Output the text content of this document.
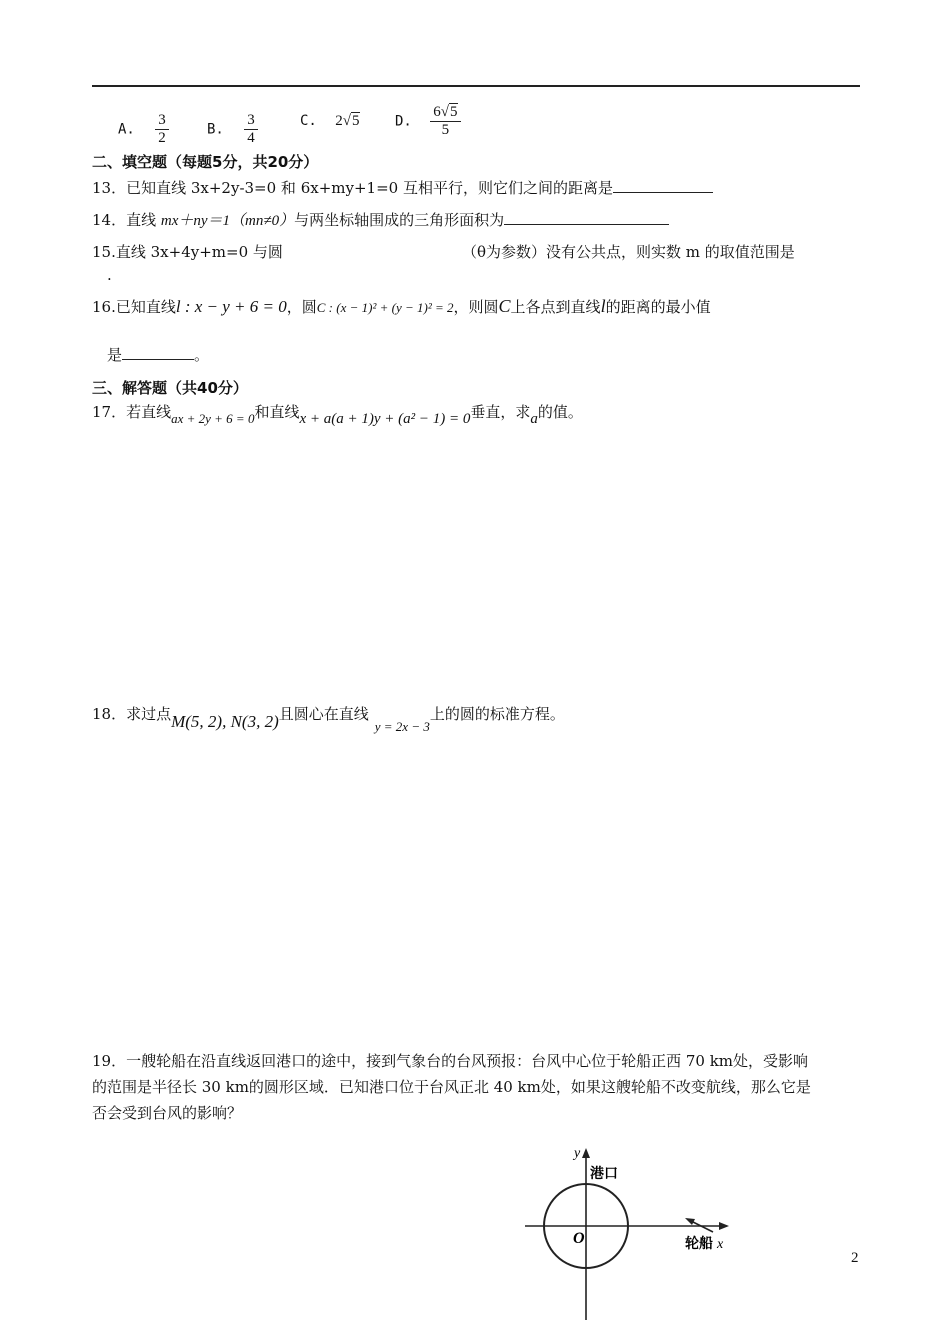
A. $\frac{3}{2}$	B. $\frac{3}{4}$	C. 2√5	D. $\frac{6√5}{5}$
二、填空题（每题5分，共20分）
13．已知直线 3x+2y-3=0 和 6x+my+1=0 互相平行，则它们之间的距离是
14．直线 mx＋ny＝1（mn≠0）与两坐标轴围成的三角形面积为
15.直线 3x+4y+m=0 与圆	（θ为参数）没有公共点，则实数 m 的取值范围是
.
16.已知直线l : x − y + 6 = 0，圆C : (x − 1)² + (y − 1)² = 2，则圆C上各点到直线l的距离的最小值
是	。
三、解答题（共40分）
17．若直线ax + 2y + 6 = 0和直线x + a(a + 1)y + (a² − 1) = 0垂直，求a的值。
18．求过点M(5, 2), N(3, 2)且圆心在直线y = 2x − 3上的圆的标准方程。
19．一艘轮船在沿直线返回港口的途中，接到气象台的台风预报：台风中心位于轮船正西 70 km处，受影响
的范围是半径长 30 km的圆形区域．已知港口位于台风正北 40 km处，如果这艘轮船不改变航线，那么它是
否会受到台风的影响？
y
港口
O	轮船 x
2
